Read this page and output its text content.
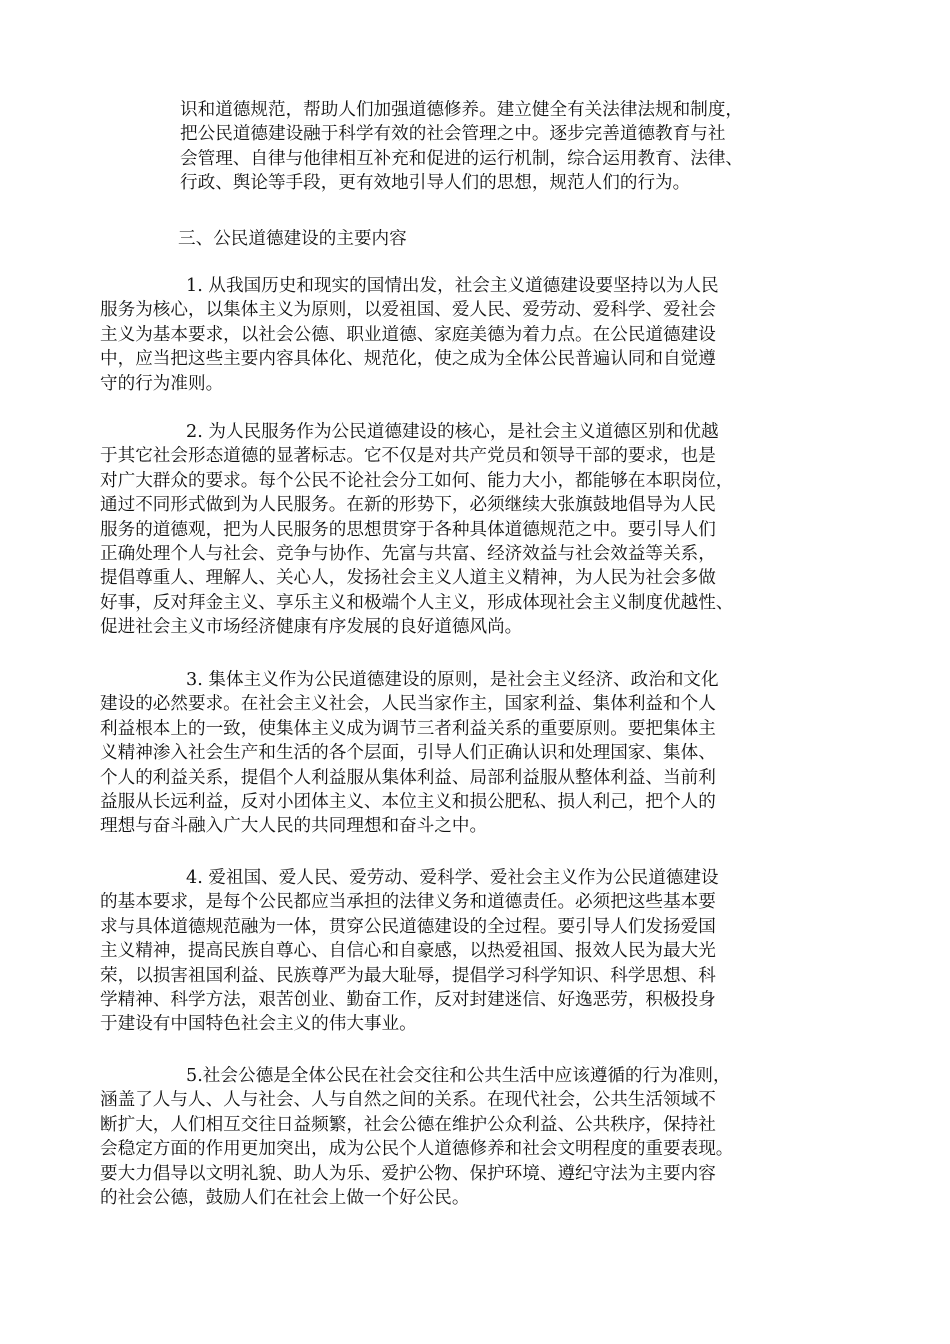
识和道德规范，帮助人们加强道德修养。建立健全有关法律法规和制度，
把公民道德建设融于科学有效的社会管理之中。逐步完善道德教育与社
会管理、自律与他律相互补充和促进的运行机制，综合运用教育、法律、
行政、舆论等手段，更有效地引导人们的思想，规范人们的行为。
三、公民道德建设的主要内容
1. 从我国历史和现实的国情出发，社会主义道德建设要坚持以为人民
服务为核心，以集体主义为原则，以爱祖国、爱人民、爱劳动、爱科学、爱社会
主义为基本要求，以社会公德、职业道德、家庭美德为着力点。在公民道德建设
中，应当把这些主要内容具体化、规范化，使之成为全体公民普遍认同和自觉遵
守的行为准则。
2. 为人民服务作为公民道德建设的核心，是社会主义道德区别和优越
于其它社会形态道德的显著标志。它不仅是对共产党员和领导干部的要求，也是
对广大群众的要求。每个公民不论社会分工如何、能力大小，都能够在本职岗位，
通过不同形式做到为人民服务。在新的形势下，必须继续大张旗鼓地倡导为人民
服务的道德观，把为人民服务的思想贯穿于各种具体道德规范之中。要引导人们
正确处理个人与社会、竞争与协作、先富与共富、经济效益与社会效益等关系，
提倡尊重人、理解人、关心人，发扬社会主义人道主义精神，为人民为社会多做
好事，反对拜金主义、享乐主义和极端个人主义，形成体现社会主义制度优越性、
促进社会主义市场经济健康有序发展的良好道德风尚。
3. 集体主义作为公民道德建设的原则，是社会主义经济、政治和文化
建设的必然要求。在社会主义社会，人民当家作主，国家利益、集体利益和个人
利益根本上的一致，使集体主义成为调节三者利益关系的重要原则。要把集体主
义精神渗入社会生产和生活的各个层面，引导人们正确认识和处理国家、集体、
个人的利益关系，提倡个人利益服从集体利益、局部利益服从整体利益、当前利
益服从长远利益，反对小团体主义、本位主义和损公肥私、损人利己，把个人的
理想与奋斗融入广大人民的共同理想和奋斗之中。
4. 爱祖国、爱人民、爱劳动、爱科学、爱社会主义作为公民道德建设
的基本要求，是每个公民都应当承担的法律义务和道德责任。必须把这些基本要
求与具体道德规范融为一体，贯穿公民道德建设的全过程。要引导人们发扬爱国
主义精神，提高民族自尊心、自信心和自豪感，以热爱祖国、报效人民为最大光
荣，以损害祖国利益、民族尊严为最大耻辱，提倡学习科学知识、科学思想、科
学精神、科学方法，艰苦创业、勤奋工作，反对封建迷信、好逸恶劳，积极投身
于建设有中国特色社会主义的伟大事业。
5.社会公德是全体公民在社会交往和公共生活中应该遵循的行为准则，
涵盖了人与人、人与社会、人与自然之间的关系。在现代社会，公共生活领域不
断扩大，人们相互交往日益频繁，社会公德在维护公众利益、公共秩序，保持社
会稳定方面的作用更加突出，成为公民个人道德修养和社会文明程度的重要表现。
要大力倡导以文明礼貌、助人为乐、爱护公物、保护环境、遵纪守法为主要内容
的社会公德，鼓励人们在社会上做一个好公民。
